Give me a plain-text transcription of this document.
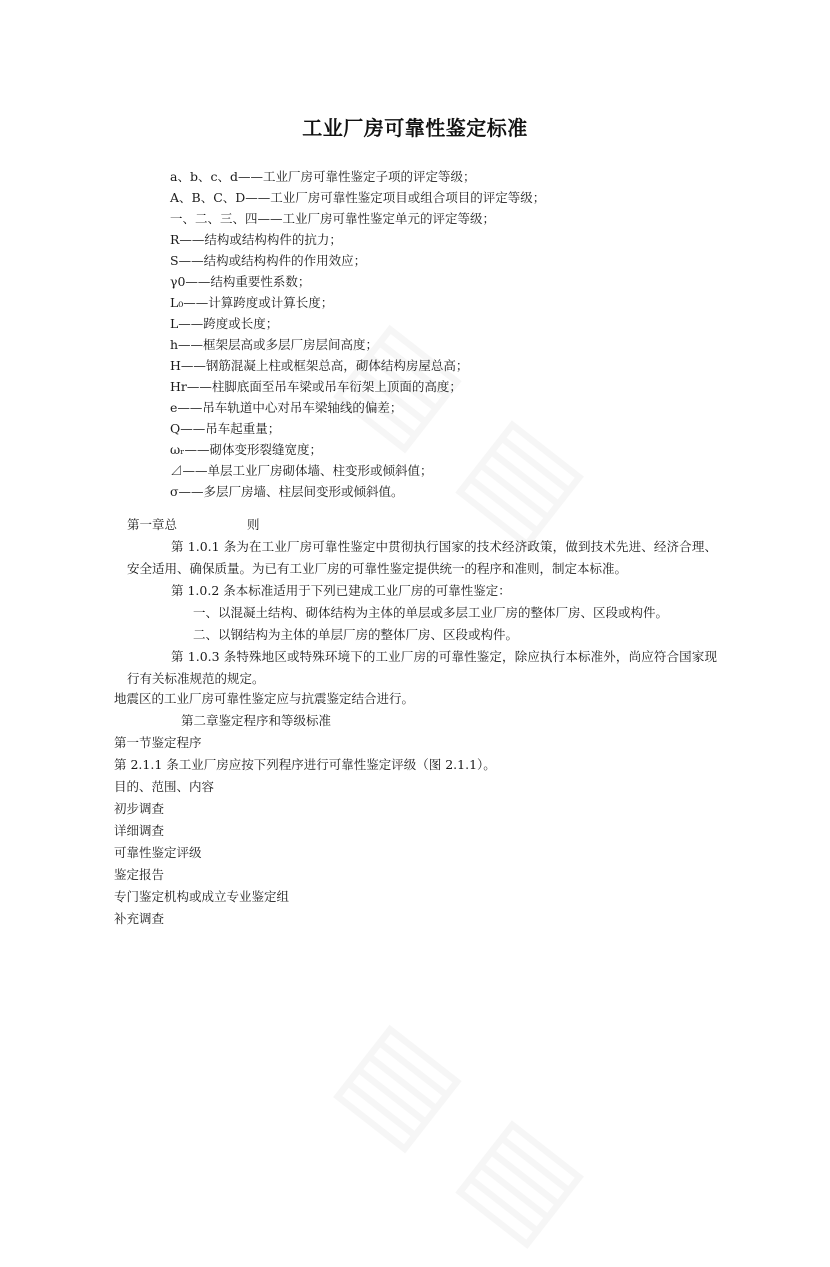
工业厂房可靠性鉴定标准
a、b、c、d——工业厂房可靠性鉴定子项的评定等级；
A、B、C、D——工业厂房可靠性鉴定项目或组合项目的评定等级；
一、二、三、四——工业厂房可靠性鉴定单元的评定等级；
R——结构或结构构件的抗力；
S——结构或结构构件的作用效应；
γ0——结构重要性系数；
L₀——计算跨度或计算长度；
L——跨度或长度；
h——框架层高或多层厂房层间高度；
H——钢筋混凝上柱或框架总高，砌体结构房屋总高；
Hr——柱脚底面至吊车梁或吊车衍架上顶面的高度；
e——吊车轨道中心对吊车梁轴线的偏差；
Q——吊车起重量；
ωᵣ——砌体变形裂缝宽度；
⊿——单层工业厂房砌体墙、柱变形或倾斜值；
σ——多层厂房墙、柱层间变形或倾斜值。
第一章总	则

第 1.0.1 条为在工业厂房可靠性鉴定中贯彻执行国家的技术经济政策，做到技术先进、经济合理、安全适用、确保质量。为已有工业厂房的可靠性鉴定提供统一的程序和准则，制定本标准。

第 1.0.2 条本标准适用于下列已建成工业厂房的可靠性鉴定：
一、以混凝土结构、砌体结构为主体的单层或多层工业厂房的整体厂房、区段或构件。
二、以钢结构为主体的单层厂房的整体厂房、区段或构件。

第 1.0.3 条特殊地区或特殊环境下的工业厂房的可靠性鉴定，除应执行本标准外，尚应符合国家现行有关标准规范的规定。

地震区的工业厂房可靠性鉴定应与抗震鉴定结合进行。
第二章鉴定程序和等级标准
第一节鉴定程序
第 2.1.1 条工业厂房应按下列程序进行可靠性鉴定评级（图 2.1.1）。
目的、范围、内容
初步调查
详细调查
可靠性鉴定评级
鉴定报告
专门鉴定机构或成立专业鉴定组
补充调查
